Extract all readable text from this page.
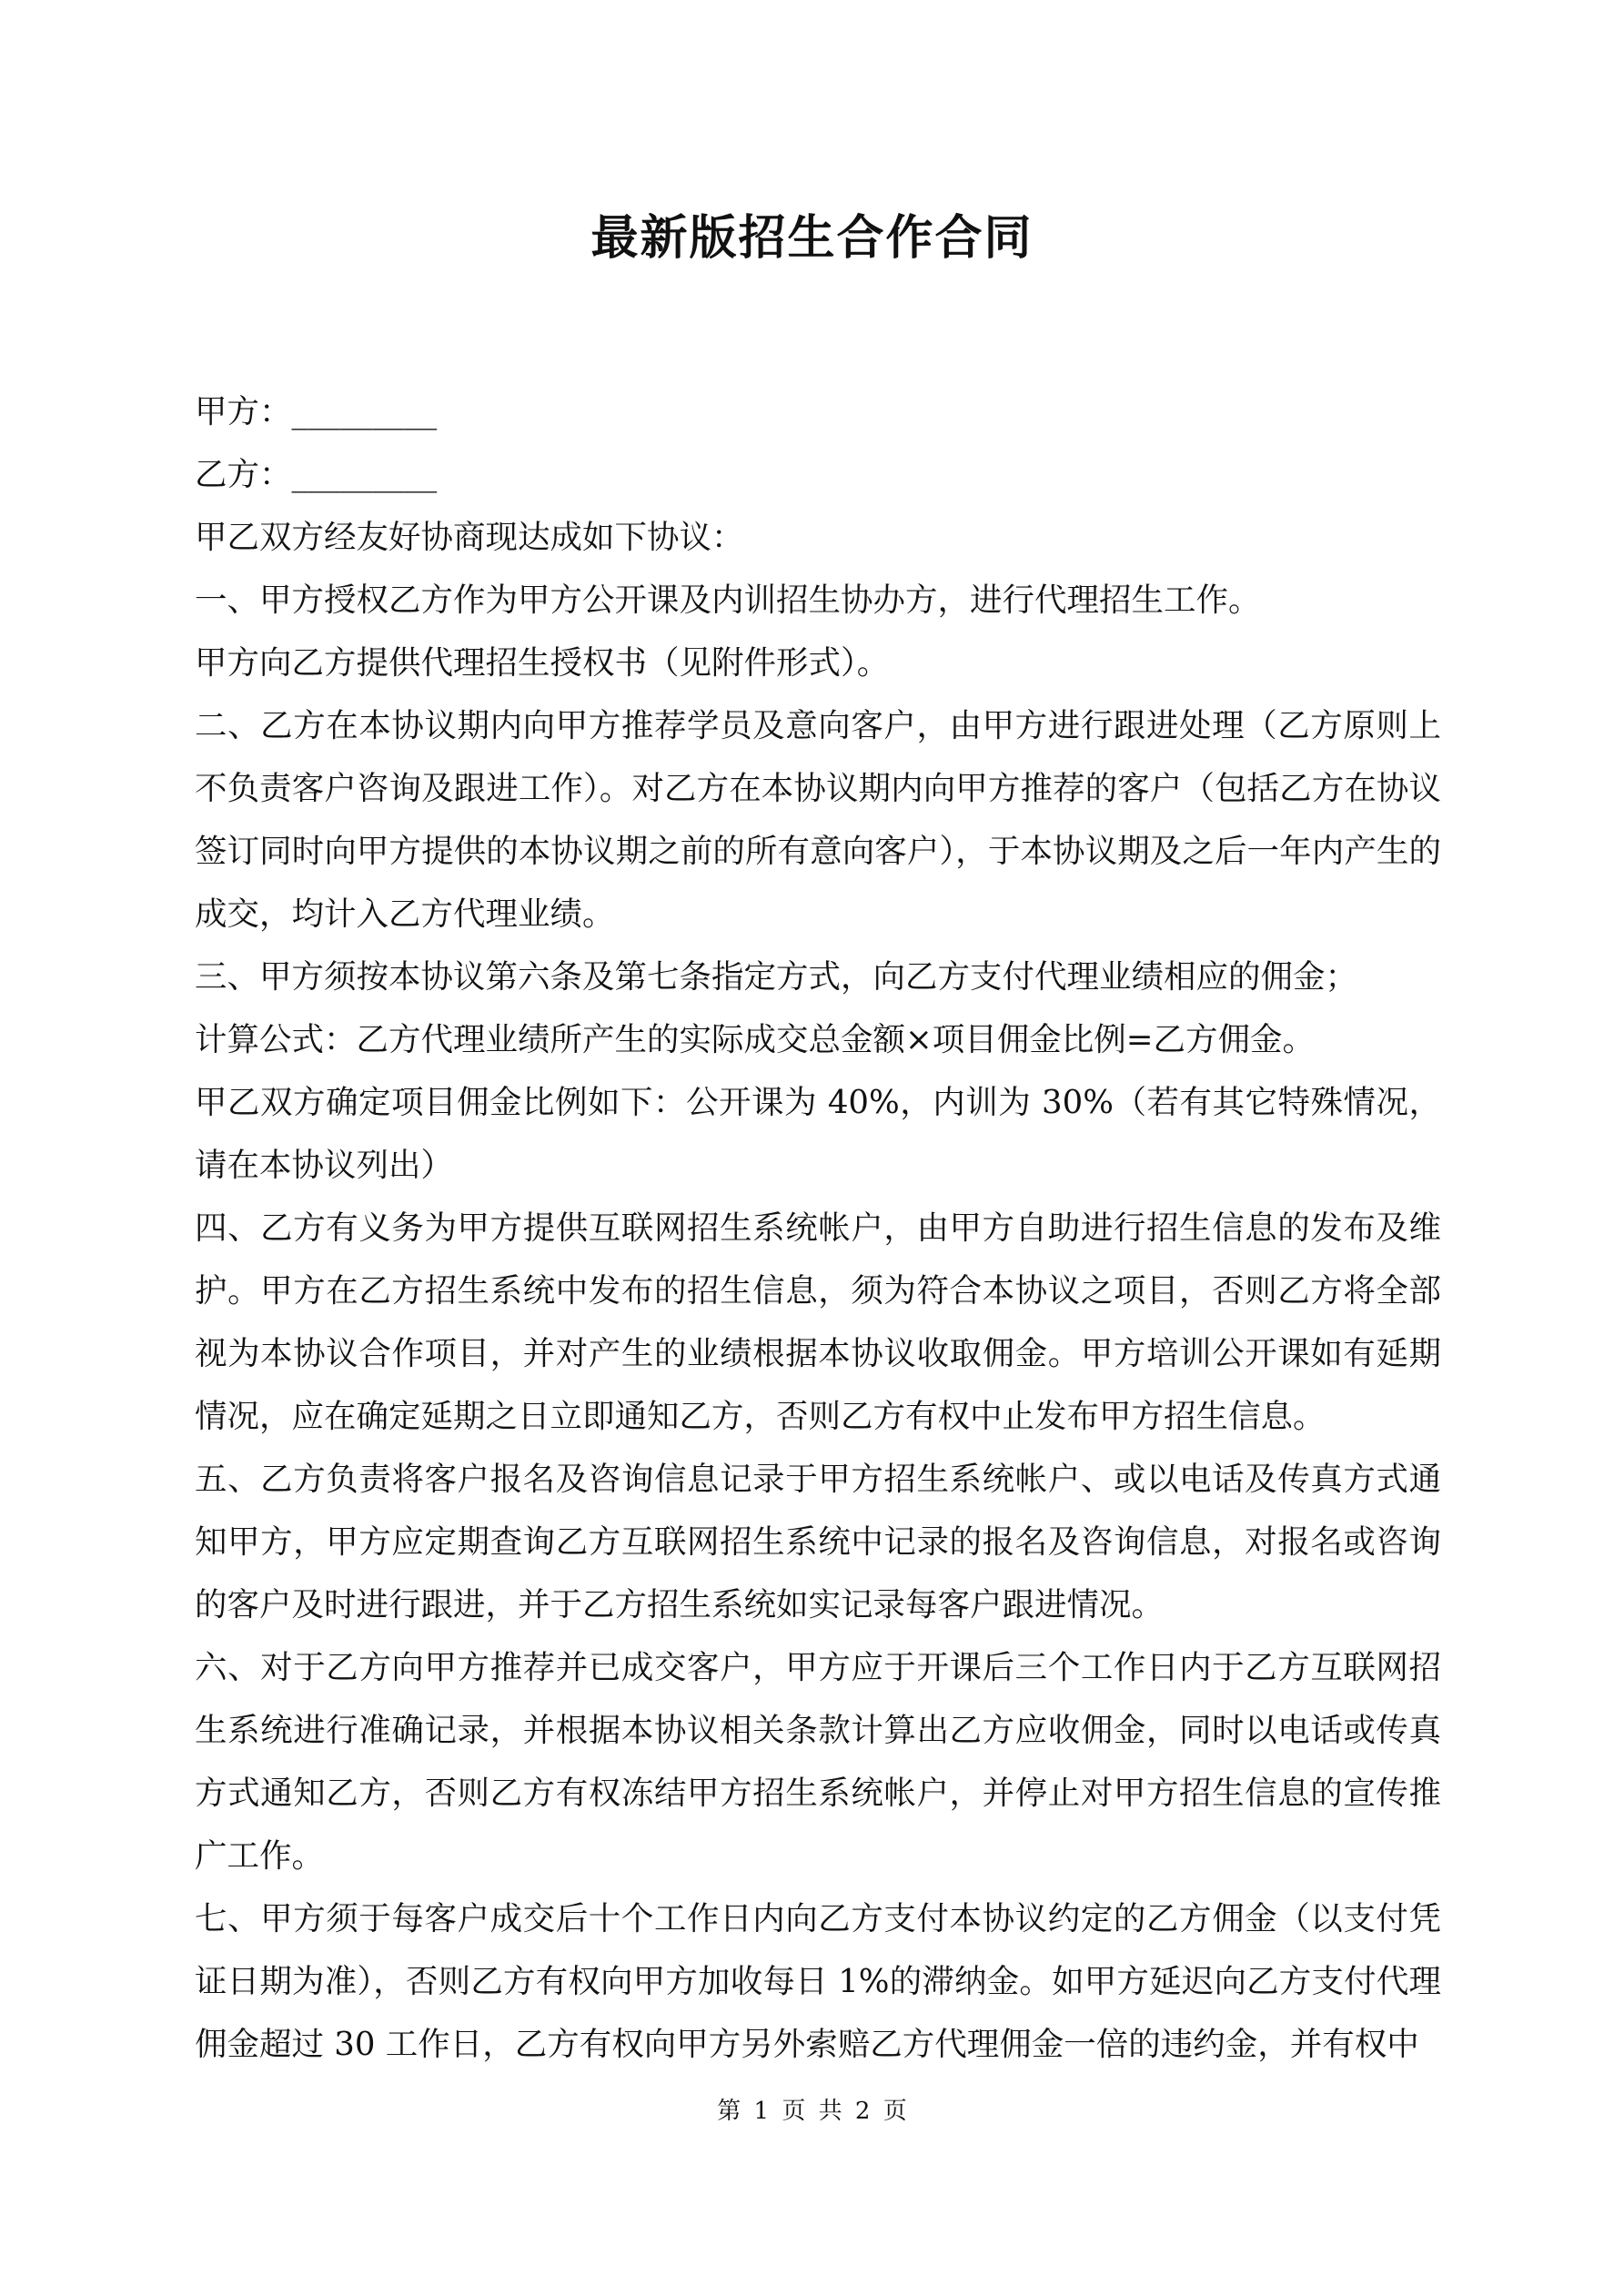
最新版招生合作合同

甲方：_________

乙方：_________

甲乙双方经友好协商现达成如下协议：

一、甲方授权乙方作为甲方公开课及内训招生协办方，进行代理招生工作。

甲方向乙方提供代理招生授权书（见附件形式）。

二、乙方在本协议期内向甲方推荐学员及意向客户，由甲方进行跟进处理（乙方原则上不负责客户咨询及跟进工作）。对乙方在本协议期内向甲方推荐的客户（包括乙方在协议签订同时向甲方提供的本协议期之前的所有意向客户），于本协议期及之后一年内产生的成交，均计入乙方代理业绩。

三、甲方须按本协议第六条及第七条指定方式，向乙方支付代理业绩相应的佣金；

计算公式：乙方代理业绩所产生的实际成交总金额×项目佣金比例=乙方佣金。

甲乙双方确定项目佣金比例如下：公开课为 40%，内训为 30%（若有其它特殊情况，请在本协议列出）

四、乙方有义务为甲方提供互联网招生系统帐户，由甲方自助进行招生信息的发布及维护。甲方在乙方招生系统中发布的招生信息，须为符合本协议之项目，否则乙方将全部视为本协议合作项目，并对产生的业绩根据本协议收取佣金。甲方培训公开课如有延期情况，应在确定延期之日立即通知乙方，否则乙方有权中止发布甲方招生信息。

五、乙方负责将客户报名及咨询信息记录于甲方招生系统帐户、或以电话及传真方式通知甲方，甲方应定期查询乙方互联网招生系统中记录的报名及咨询信息，对报名或咨询的客户及时进行跟进，并于乙方招生系统如实记录每客户跟进情况。

六、对于乙方向甲方推荐并已成交客户，甲方应于开课后三个工作日内于乙方互联网招生系统进行准确记录，并根据本协议相关条款计算出乙方应收佣金，同时以电话或传真方式通知乙方，否则乙方有权冻结甲方招生系统帐户，并停止对甲方招生信息的宣传推广工作。

七、甲方须于每客户成交后十个工作日内向乙方支付本协议约定的乙方佣金（以支付凭证日期为准），否则乙方有权向甲方加收每日 1%的滞纳金。如甲方延迟向乙方支付代理佣金超过 30 工作日，乙方有权向甲方另外索赔乙方代理佣金一倍的违约金，并有权中

第 1 页 共 2 页
